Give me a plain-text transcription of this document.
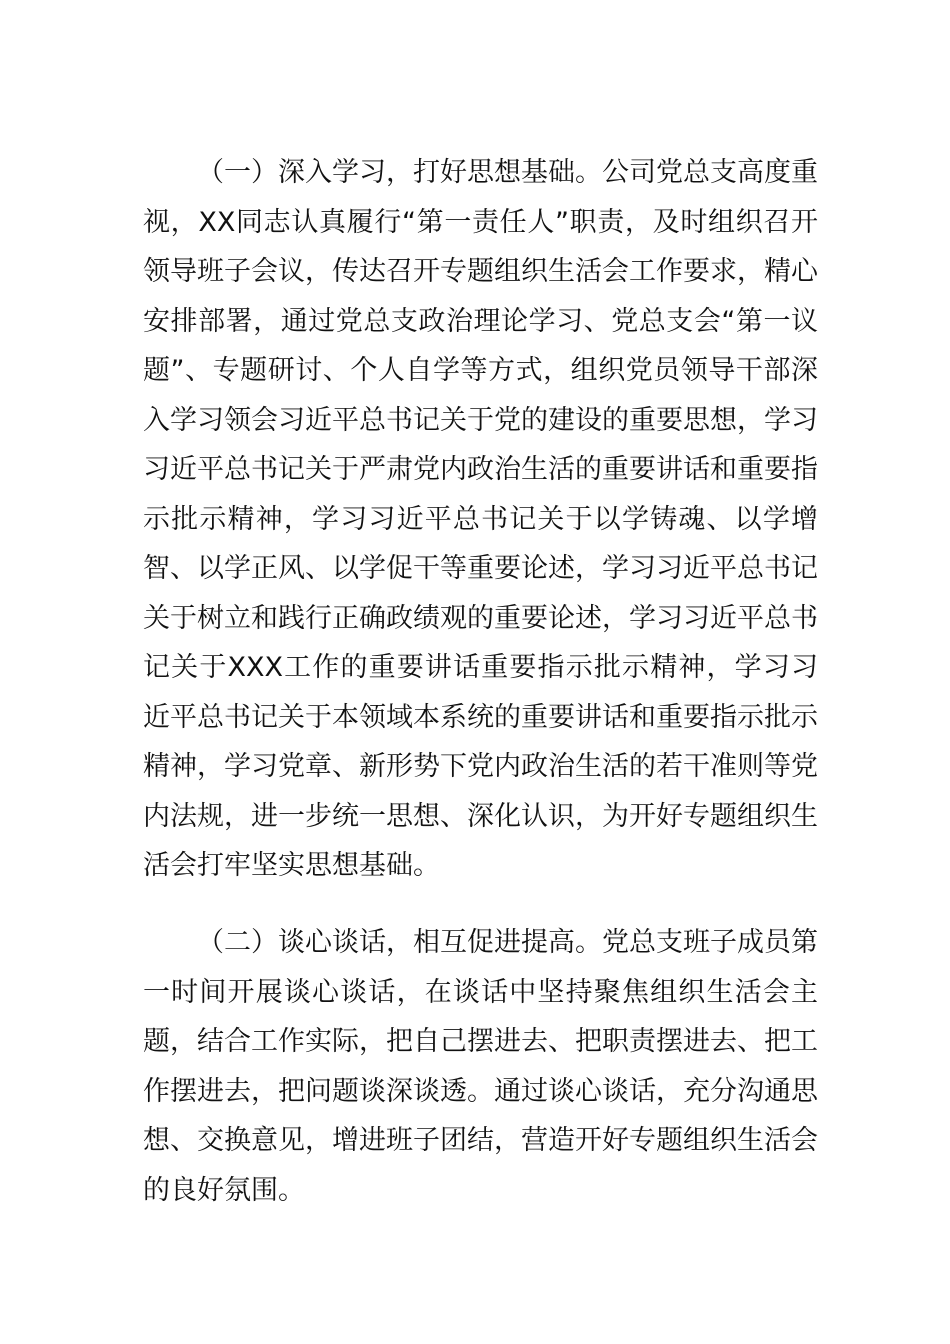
（一）深入学习，打好思想基础。公司党总支高度重视，XX同志认真履行“第一责任人”职责，及时组织召开领导班子会议，传达召开专题组织生活会工作要求，精心安排部署，通过党总支政治理论学习、党总支会“第一议题”、专题研讨、个人自学等方式，组织党员领导干部深入学习领会习近平总书记关于党的建设的重要思想，学习习近平总书记关于严肃党内政治生活的重要讲话和重要指示批示精神，学习习近平总书记关于以学铸魂、以学增智、以学正风、以学促干等重要论述，学习习近平总书记关于树立和践行正确政绩观的重要论述，学习习近平总书记关于XXX工作的重要讲话重要指示批示精神，学习习近平总书记关于本领域本系统的重要讲话和重要指示批示精神，学习党章、新形势下党内政治生活的若干准则等党内法规，进一步统一思想、深化认识，为开好专题组织生活会打牢坚实思想基础。

（二）谈心谈话，相互促进提高。党总支班子成员第一时间开展谈心谈话，在谈话中坚持聚焦组织生活会主题，结合工作实际，把自己摆进去、把职责摆进去、把工作摆进去，把问题谈深谈透。通过谈心谈话，充分沟通思想、交换意见，增进班子团结，营造开好专题组织生活会的良好氛围。
